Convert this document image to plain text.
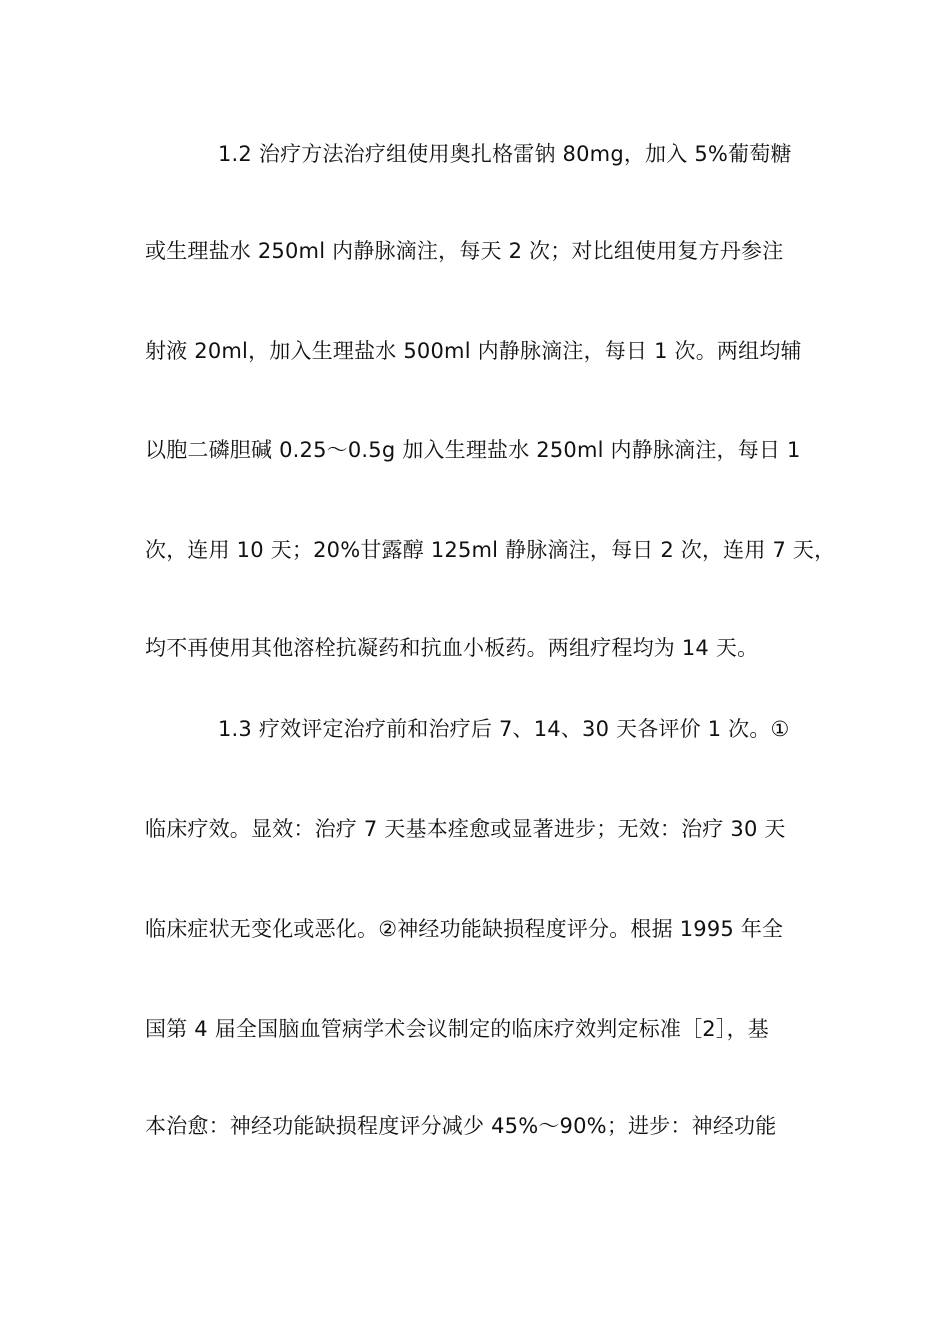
1.2 治疗方法治疗组使用奥扎格雷钠 80mg，加入 5%葡萄糖
或生理盐水 250ml 内静脉滴注，每天 2 次；对比组使用复方丹参注
射液 20ml，加入生理盐水 500ml 内静脉滴注，每日 1 次。两组均辅
以胞二磷胆碱 0.25～0.5g 加入生理盐水 250ml 内静脉滴注，每日 1
次，连用 10 天；20%甘露醇 125ml 静脉滴注，每日 2 次，连用 7 天，
均不再使用其他溶栓抗凝药和抗血小板药。两组疗程均为 14 天。
1.3 疗效评定治疗前和治疗后 7、14、30 天各评价 1 次。①
临床疗效。显效：治疗 7 天基本痊愈或显著进步；无效：治疗 30 天
临床症状无变化或恶化。②神经功能缺损程度评分。根据 1995 年全
国第 4 届全国脑血管病学术会议制定的临床疗效判定标准［2］，基
本治愈：神经功能缺损程度评分减少 45%～90%；进步：神经功能
